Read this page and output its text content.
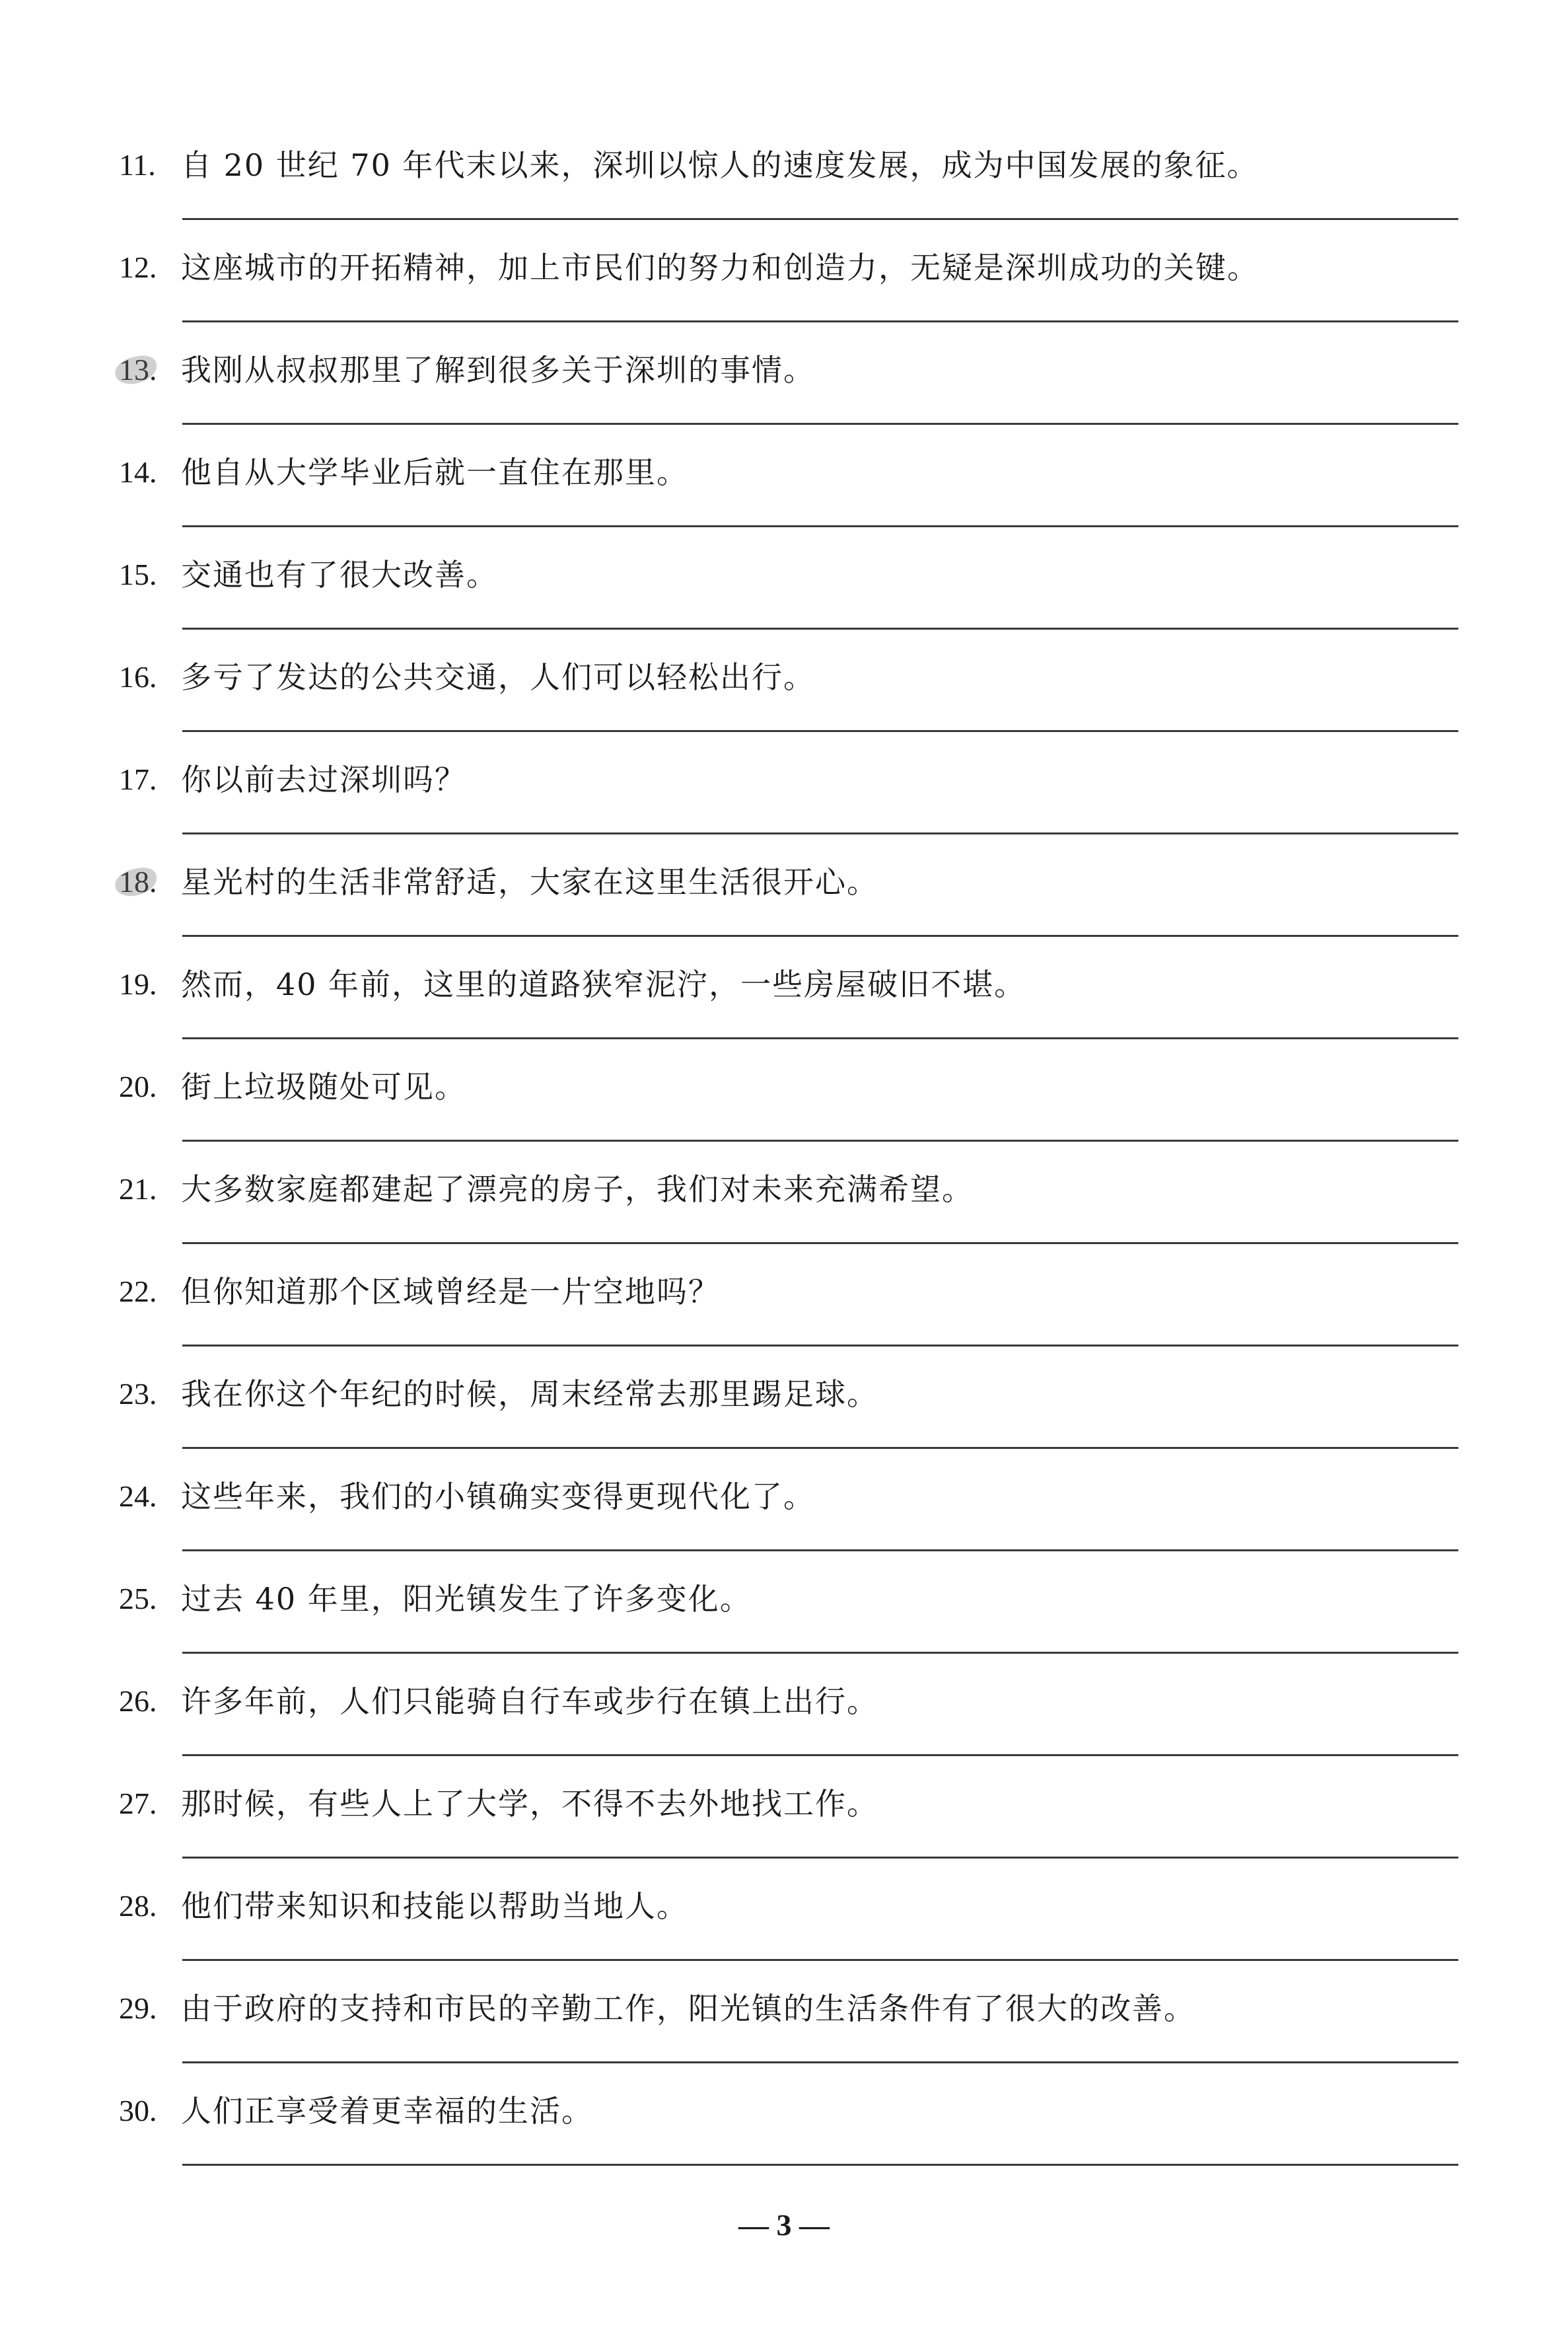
11. 自 20 世纪 70 年代末以来，深圳以惊人的速度发展，成为中国发展的象征。
12. 这座城市的开拓精神，加上市民们的努力和创造力，无疑是深圳成功的关键。
13. 我刚从叔叔那里了解到很多关于深圳的事情。
14. 他自从大学毕业后就一直住在那里。
15. 交通也有了很大改善。
16. 多亏了发达的公共交通，人们可以轻松出行。
17. 你以前去过深圳吗？
18. 星光村的生活非常舒适，大家在这里生活很开心。
19. 然而，40 年前，这里的道路狭窄泥泞，一些房屋破旧不堪。
20. 街上垃圾随处可见。
21. 大多数家庭都建起了漂亮的房子，我们对未来充满希望。
22. 但你知道那个区域曾经是一片空地吗？
23. 我在你这个年纪的时候，周末经常去那里踢足球。
24. 这些年来，我们的小镇确实变得更现代化了。
25. 过去 40 年里，阳光镇发生了许多变化。
26. 许多年前，人们只能骑自行车或步行在镇上出行。
27. 那时候，有些人上了大学，不得不去外地找工作。
28. 他们带来知识和技能以帮助当地人。
29. 由于政府的支持和市民的辛勤工作，阳光镇的生活条件有了很大的改善。
30. 人们正享受着更幸福的生活。
— 3 —
